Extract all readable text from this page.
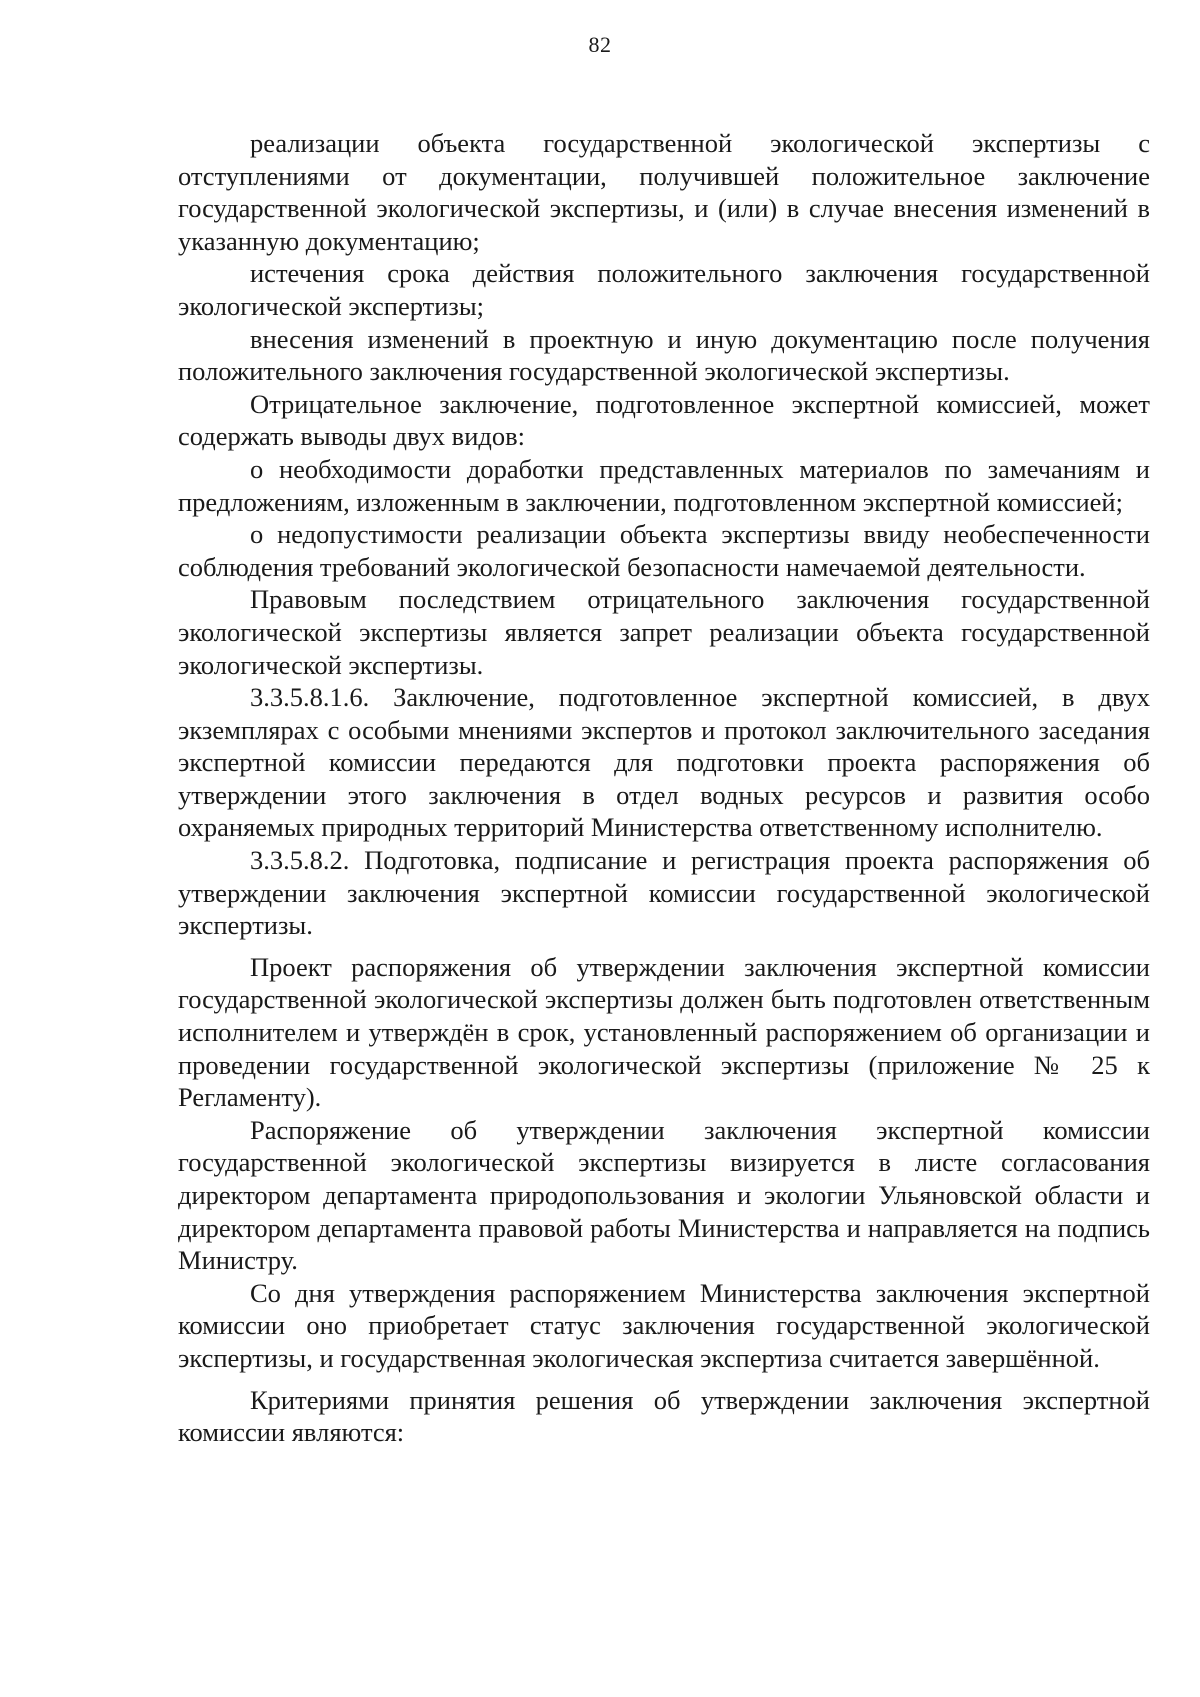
82

реализации объекта государственной экологической экспертизы с отступлениями от документации, получившей положительное заключение государственной экологической экспертизы, и (или) в случае внесения изменений в указанную документацию;

истечения срока действия положительного заключения государственной экологической экспертизы;

внесения изменений в проектную и иную документацию после получения положительного заключения государственной экологической экспертизы.

Отрицательное заключение, подготовленное экспертной комиссией, может содержать выводы двух видов:

о необходимости доработки представленных материалов по замечаниям и предложениям, изложенным в заключении, подготовленном экспертной комиссией;

о недопустимости реализации объекта экспертизы ввиду необеспеченности соблюдения требований экологической безопасности намечаемой деятельности.

Правовым последствием отрицательного заключения государственной экологической экспертизы является запрет реализации объекта государственной экологической экспертизы.

3.3.5.8.1.6. Заключение, подготовленное экспертной комиссией, в двух экземплярах с особыми мнениями экспертов и протокол заключительного заседания экспертной комиссии передаются для подготовки проекта распоряжения об утверждении этого заключения в отдел водных ресурсов и развития особо охраняемых природных территорий Министерства ответственному исполнителю.

3.3.5.8.2. Подготовка, подписание и регистрация проекта распоряжения об утверждении заключения экспертной комиссии государственной экологической экспертизы.

Проект распоряжения об утверждении заключения экспертной комиссии государственной экологической экспертизы должен быть подготовлен ответственным исполнителем и утверждён в срок, установленный распоряжением об организации и проведении государственной экологической экспертизы (приложение № 25 к Регламенту).

Распоряжение об утверждении заключения экспертной комиссии государственной экологической экспертизы визируется в листе согласования директором департамента природопользования и экологии Ульяновской области и директором департамента правовой работы Министерства и направляется на подпись Министру.

Со дня утверждения распоряжением Министерства заключения экспертной комиссии оно приобретает статус заключения государственной экологической экспертизы, и государственная экологическая экспертиза считается завершённой.

Критериями принятия решения об утверждении заключения экспертной комиссии являются:
